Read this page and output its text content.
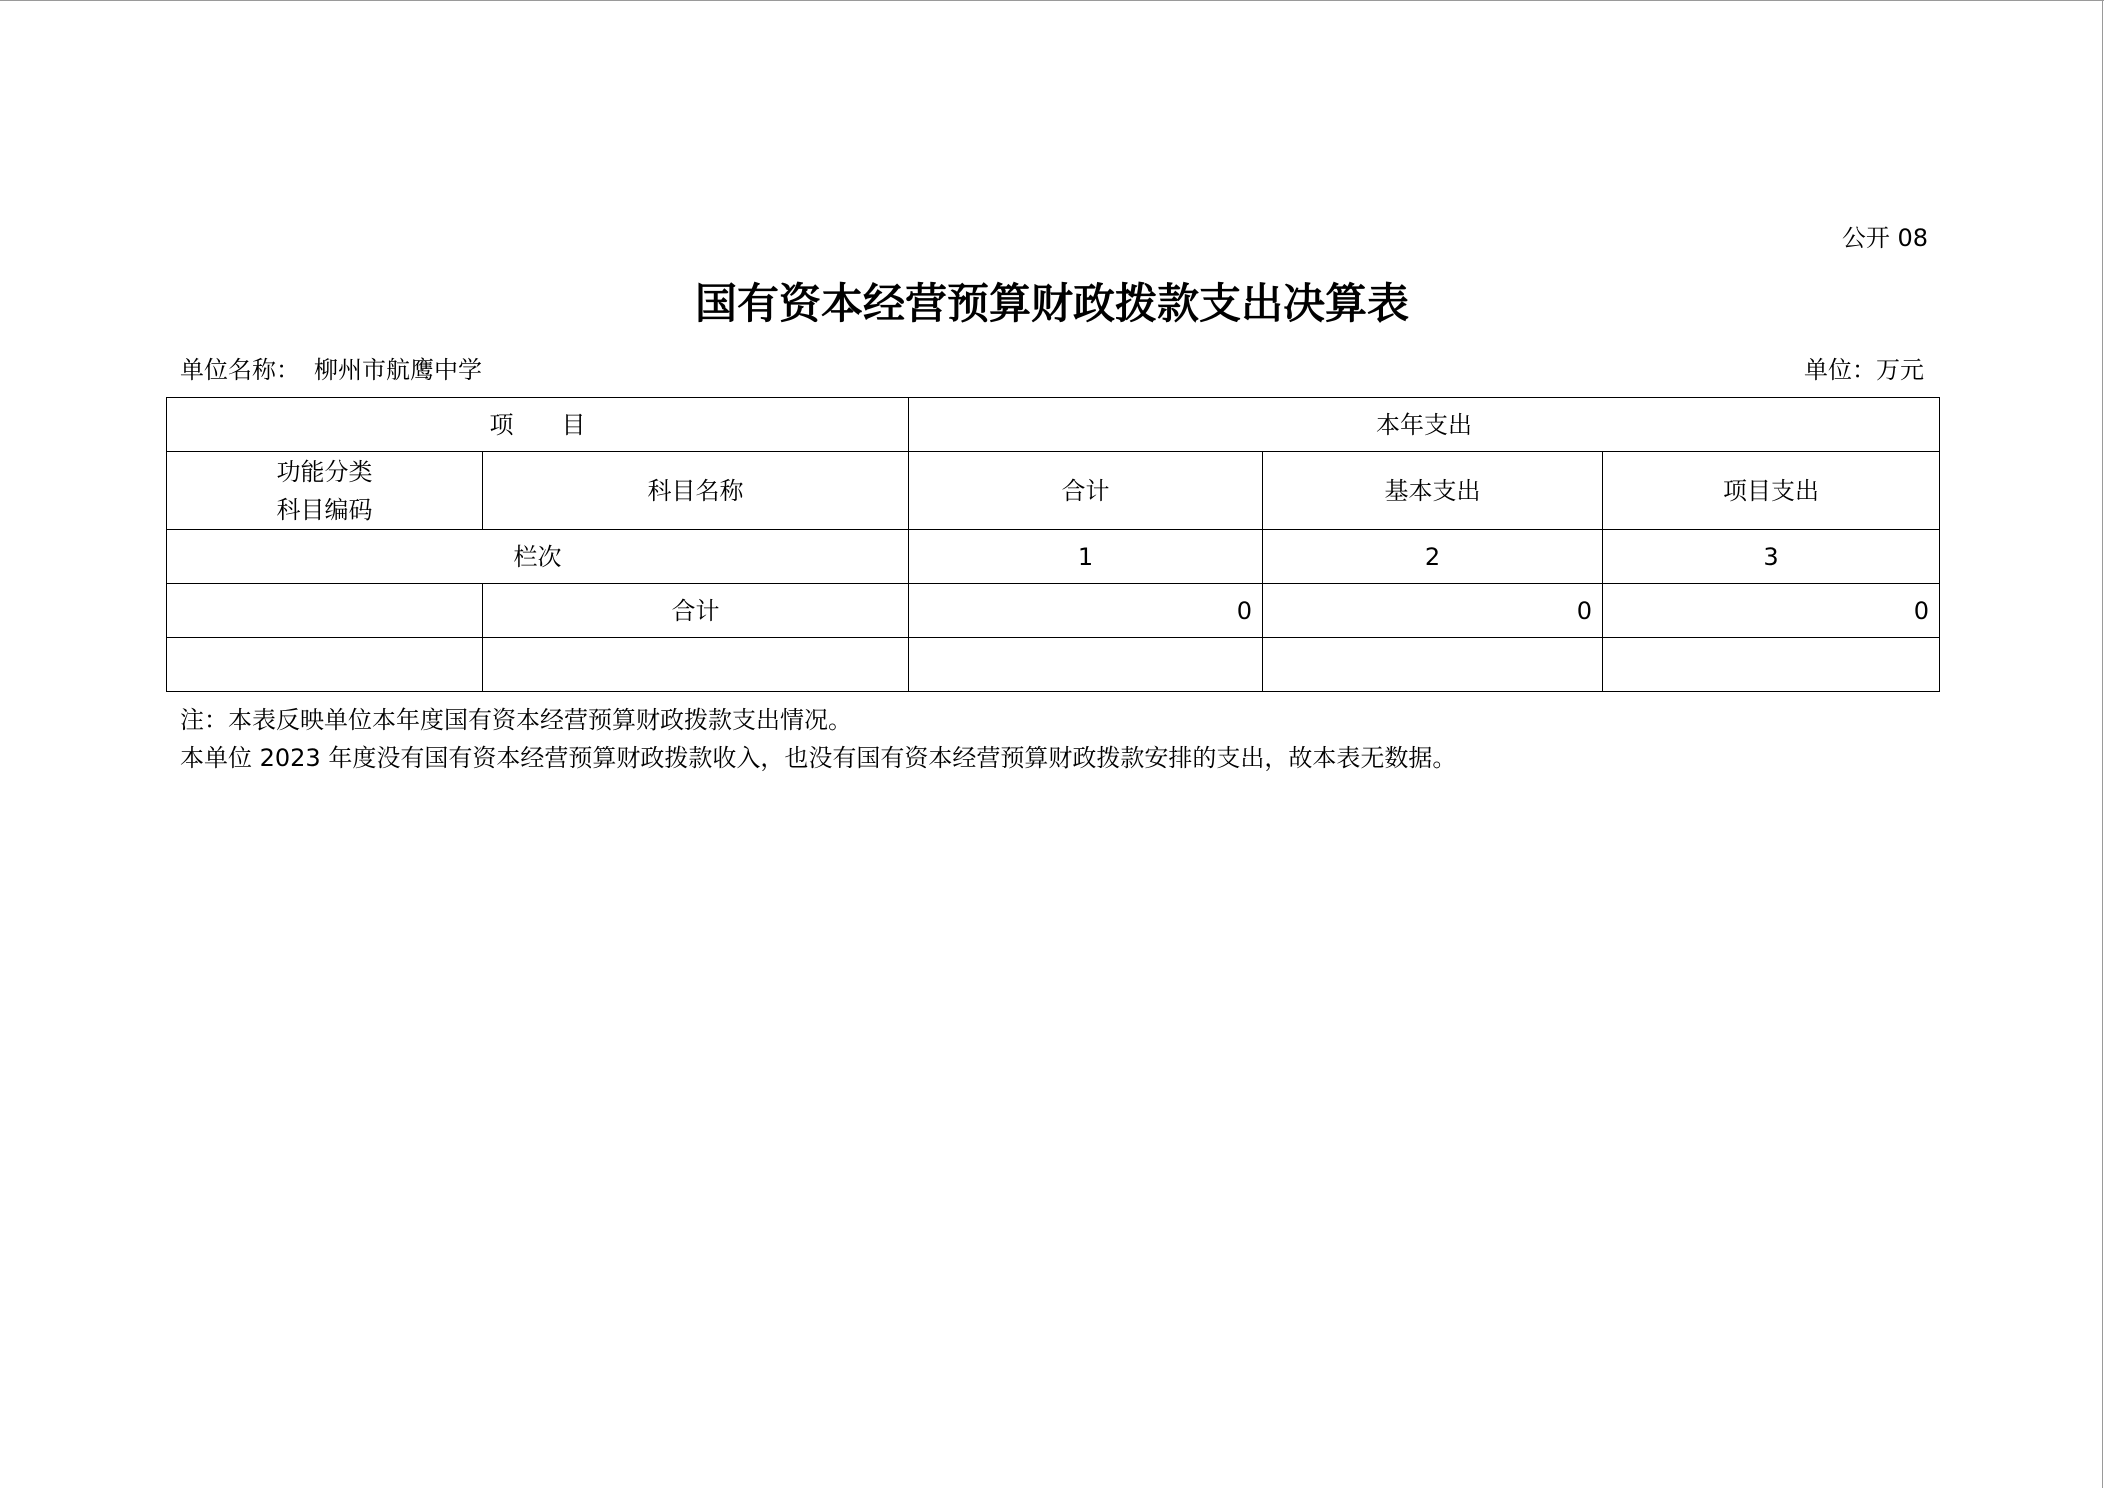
公开 08
国有资本经营预算财政拨款支出决算表
单位名称： 柳州市航鹰中学	单位：万元
项 目		本年支出		

功能分类
科目编码	科目名称	合计	基本支出	项目支出
栏次		1	2	3
	合计	0	0	0

注：本表反映单位本年度国有资本经营预算财政拨款支出情况。
本单位 2023 年度没有国有资本经营预算财政拨款收入，也没有国有资本经营预算财政拨款安排的支出，故本表无数据。
